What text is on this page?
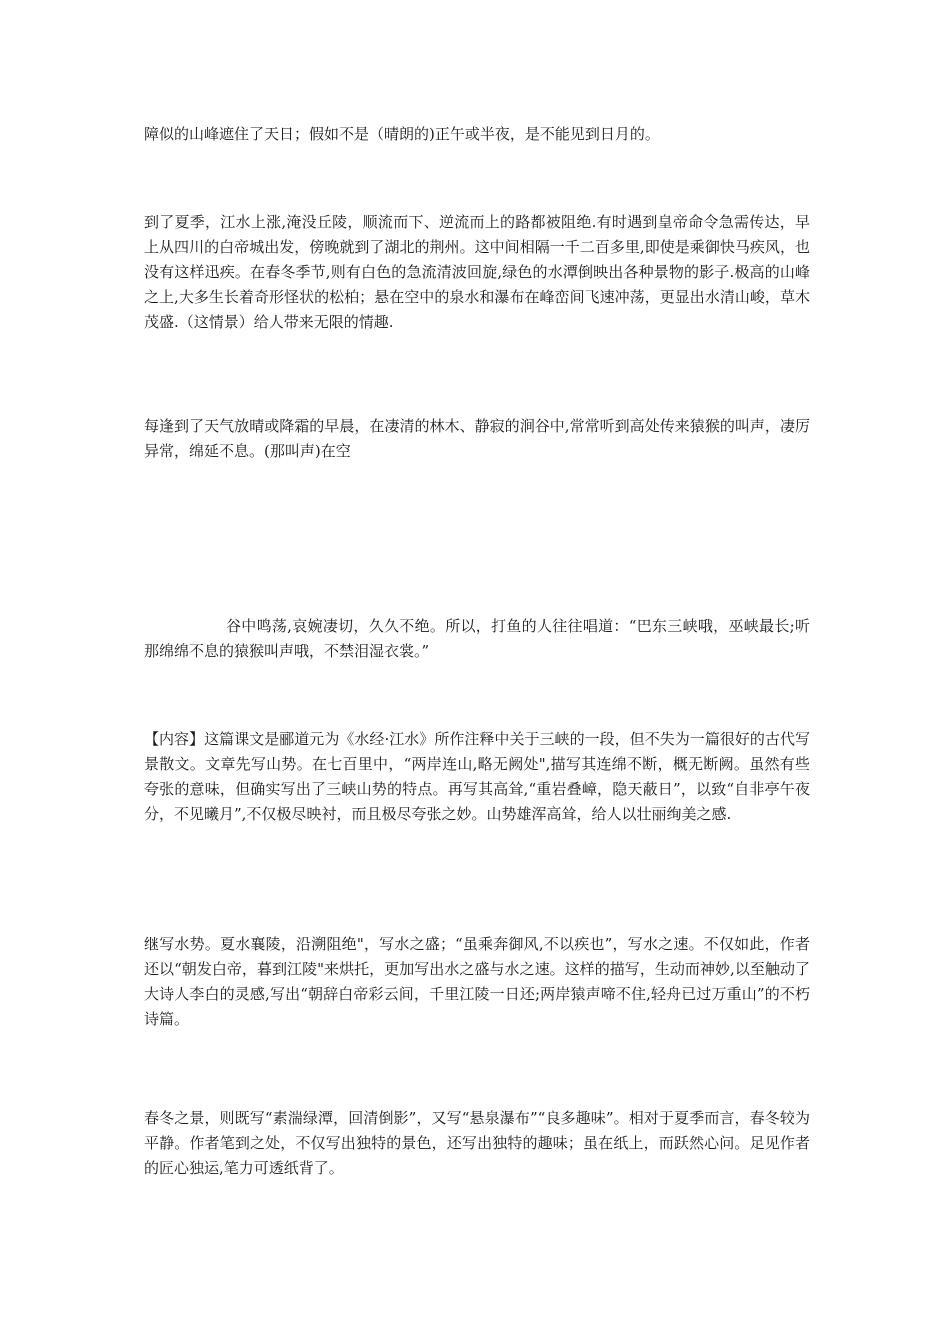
障似的山峰遮住了天日；假如不是（晴朗的)正午或半夜，是不能见到日月的。

到了夏季，江水上涨,淹没丘陵，顺流而下、逆流而上的路都被阻绝.有时遇到皇帝命令急需传达，早上从四川的白帝城出发，傍晚就到了湖北的荆州。这中间相隔一千二百多里,即使是乘御快马疾风，也没有这样迅疾。在春冬季节,则有白色的急流清波回旋,绿色的水潭倒映出各种景物的影子.极高的山峰之上,大多生长着奇形怪状的松柏；悬在空中的泉水和瀑布在峰峦间飞速冲荡，更显出水清山峻，草木茂盛.（这情景）给人带来无限的情趣.

每逢到了天气放晴或降霜的早晨，在凄清的林木、静寂的涧谷中,常常听到高处传来猿猴的叫声，凄厉异常，绵延不息。(那叫声)在空

谷中鸣荡,哀婉凄切，久久不绝。所以，打鱼的人往往唱道：“巴东三峡哦，巫峡最长;听那绵绵不息的猿猴叫声哦，不禁泪湿衣裳。”

【内容】这篇课文是郦道元为《水经·江水》所作注释中关于三峡的一段，但不失为一篇很好的古代写景散文。文章先写山势。在七百里中，“两岸连山,略无阙处",描写其连绵不断，概无断阙。虽然有些夸张的意味，但确实写出了三峡山势的特点。再写其高耸,“重岩叠嶂，隐天蔽日”，以致“自非亭午夜分，不见曦月”,不仅极尽映衬，而且极尽夸张之妙。山势雄浑高耸，给人以壮丽绚美之感.

继写水势。夏水襄陵，沿溯阻绝"，写水之盛；“虽乘奔御风,不以疾也”，写水之速。不仅如此，作者还以“朝发白帝，暮到江陵"来烘托，更加写出水之盛与水之速。这样的描写，生动而神妙,以至触动了大诗人李白的灵感,写出“朝辞白帝彩云间，千里江陵一日还;两岸猿声啼不住,轻舟已过万重山”的不朽诗篇。

春冬之景，则既写“素湍绿潭，回清倒影”，又写“悬泉瀑布”“良多趣味”。相对于夏季而言，春冬较为平静。作者笔到之处，不仅写出独特的景色，还写出独特的趣味；虽在纸上，而跃然心问。足见作者的匠心独运,笔力可透纸背了。
